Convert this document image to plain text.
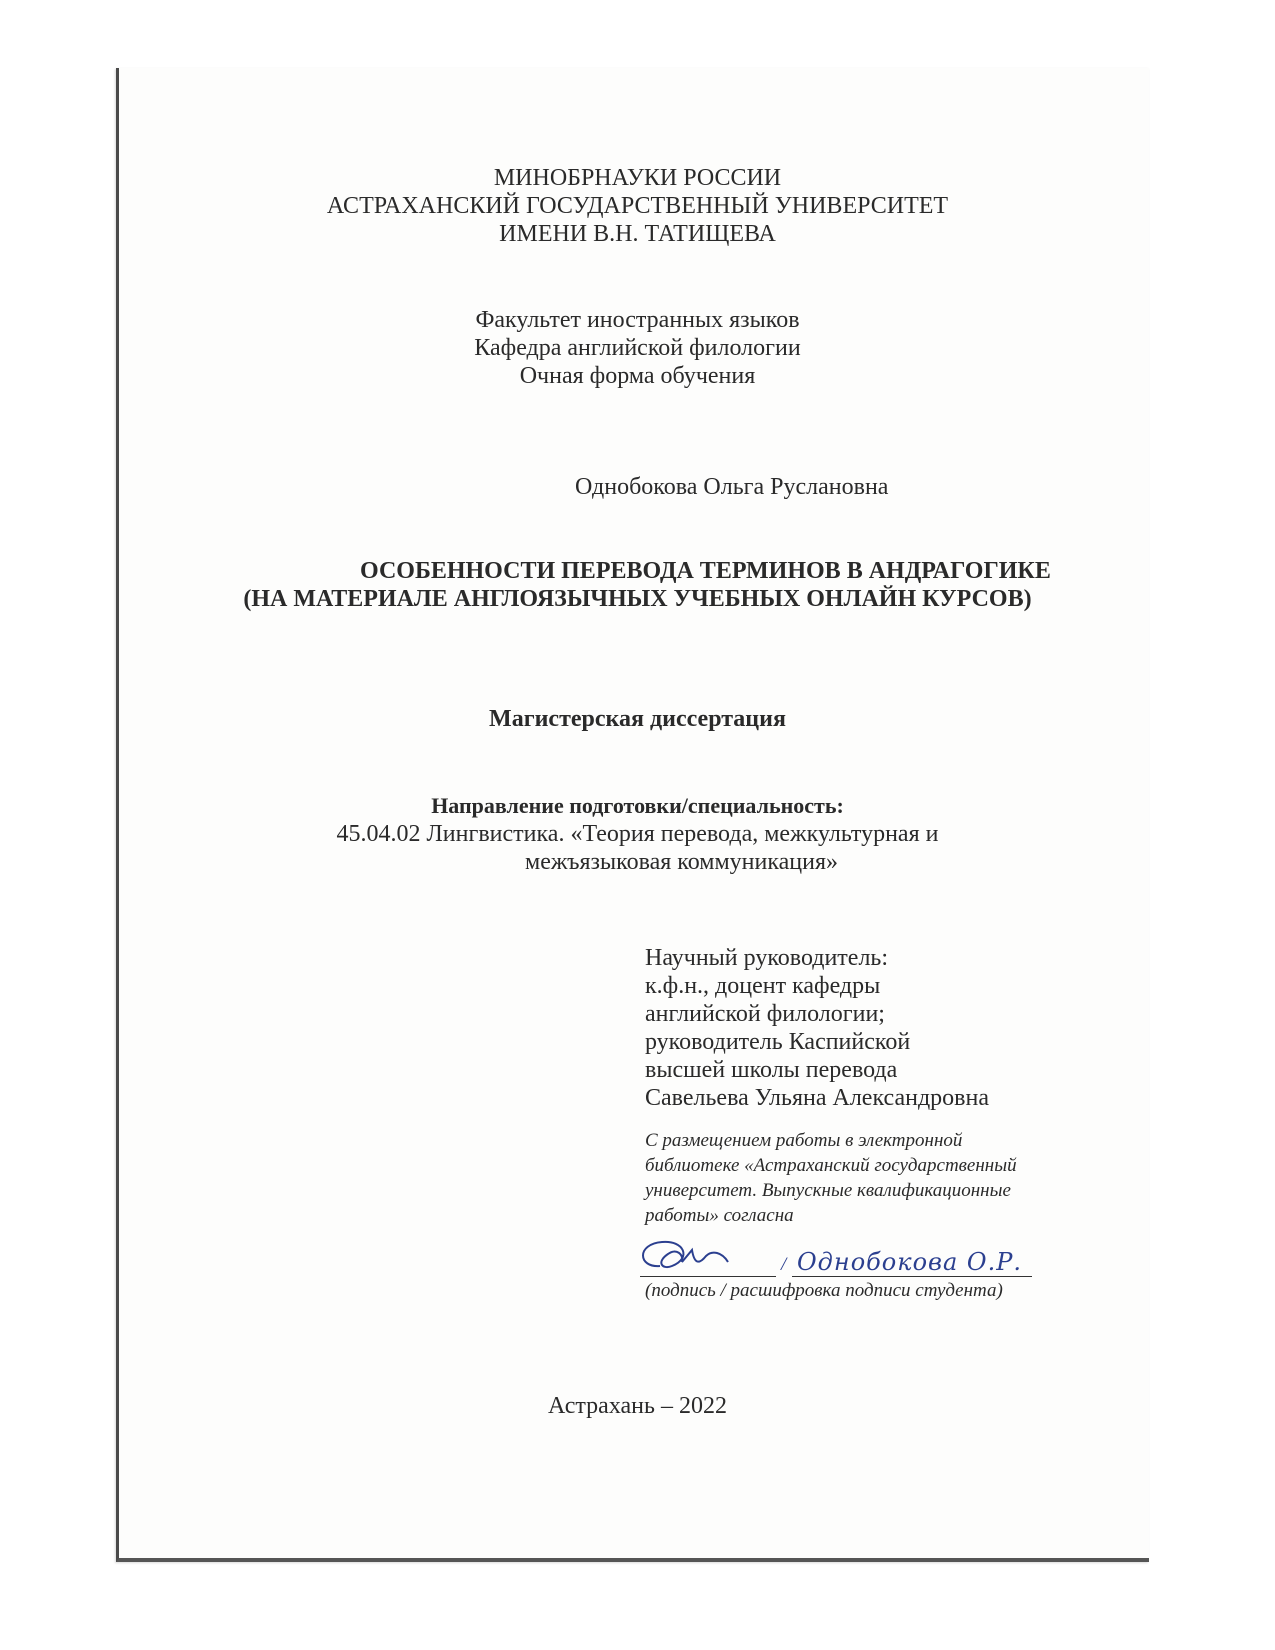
МИНОБРНАУКИ РОССИИ
АСТРАХАНСКИЙ ГОСУДАРСТВЕННЫЙ УНИВЕРСИТЕТ
ИМЕНИ В.Н. ТАТИЩЕВА
Факультет иностранных языков
Кафедра английской филологии
Очная форма обучения
Однобокова Ольга Руслановна
ОСОБЕННОСТИ ПЕРЕВОДА ТЕРМИНОВ В АНДРАГОГИКЕ
(НА МАТЕРИАЛЕ АНГЛОЯЗЫЧНЫХ УЧЕБНЫХ ОНЛАЙН КУРСОВ)
Магистерская диссертация
Направление подготовки/специальность:
45.04.02 Лингвистика. «Теория перевода, межкультурная и
межъязыковая коммуникация»
Научный руководитель:
к.ф.н., доцент кафедры
английской филологии;
руководитель Каспийской
высшей школы перевода
Савельева Ульяна Александровна
С размещением работы в электронной
библиотеке «Астраханский государственный
университет. Выпускные квалификационные
работы» согласна
/ Однобокова О.Р.
(подпись / расшифровка подписи студента)
Астрахань – 2022
